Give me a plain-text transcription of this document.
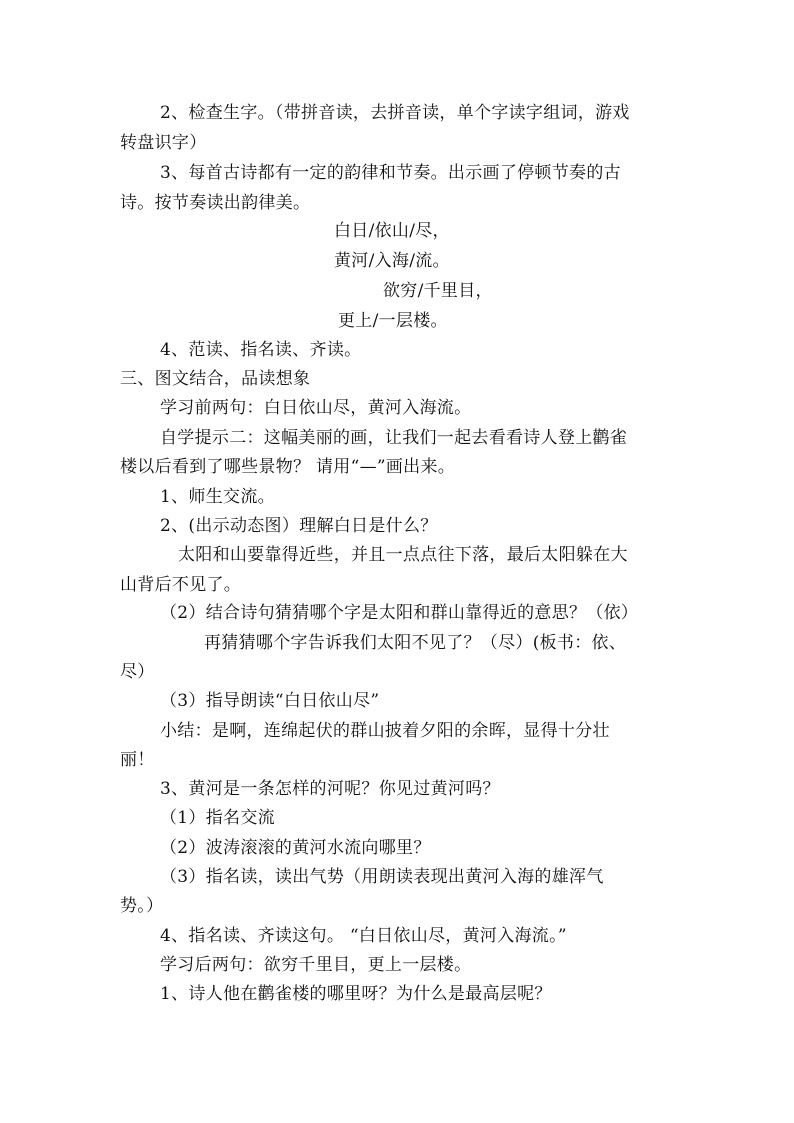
2、检查生字。（带拼音读，去拼音读，单个字读字组词，游戏
转盘识字）
3、每首古诗都有一定的韵律和节奏。出示画了停顿节奏的古
诗。按节奏读出韵律美。
白日/依山/尽，
黄河/入海/流。
欲穷/千里目，
更上/一层楼。
4、范读、指名读、齐读。
三、图文结合，品读想象
学习前两句：白日依山尽，黄河入海流。
自学提示二：这幅美丽的画，让我们一起去看看诗人登上鹳雀
楼以后看到了哪些景物？ 请用“—”画出来。
1、师生交流。
2、(出示动态图）理解白日是什么？
太阳和山要靠得近些，并且一点点往下落，最后太阳躲在大
山背后不见了。
（2）结合诗句猜猜哪个字是太阳和群山靠得近的意思？（依）
再猜猜哪个字告诉我们太阳不见了？（尽）(板书：依、
尽）
（3）指导朗读“白日依山尽”
小结：是啊，连绵起伏的群山披着夕阳的余晖，显得十分壮
丽！
3、黄河是一条怎样的河呢？你见过黄河吗？
（1）指名交流
（2）波涛滚滚的黄河水流向哪里？
（3）指名读，读出气势（用朗读表现出黄河入海的雄浑气
势。）
4、指名读、齐读这句。 “白日依山尽，黄河入海流。”
学习后两句：欲穷千里目，更上一层楼。
1、诗人他在鹳雀楼的哪里呀？为什么是最高层呢？
